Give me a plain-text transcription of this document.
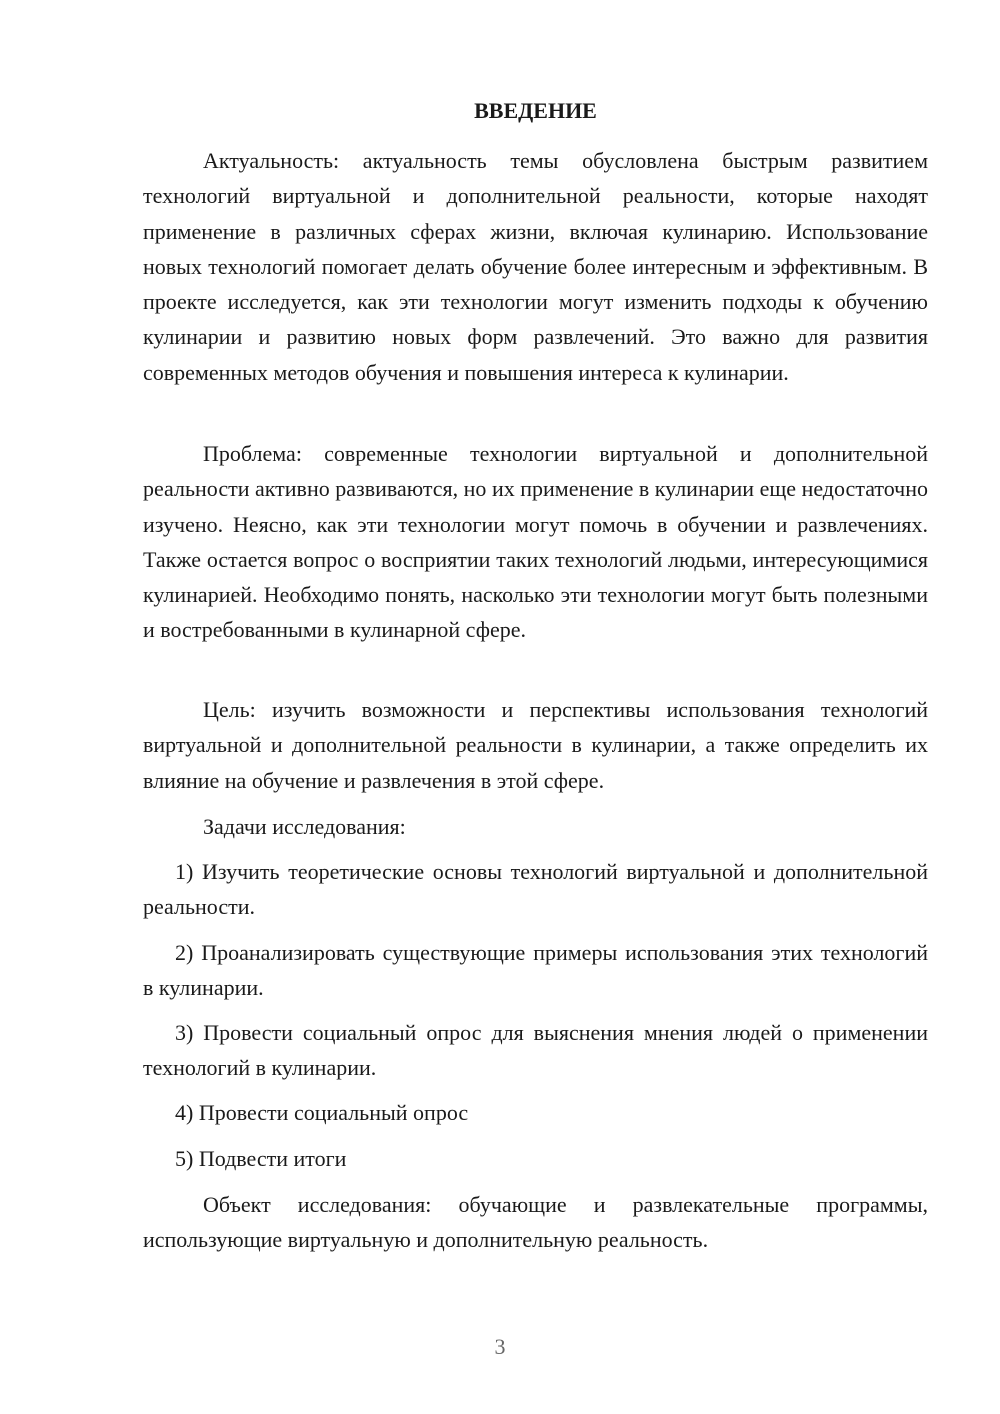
ВВЕДЕНИЕ

Актуальность: актуальность темы обусловлена быстрым развитием технологий виртуальной и дополнительной реальности, которые находят применение в различных сферах жизни, включая кулинарию. Использование новых технологий помогает делать обучение более интересным и эффективным. В проекте исследуется, как эти технологии могут изменить подходы к обучению кулинарии и развитию новых форм развлечений. Это важно для развития современных методов обучения и повышения интереса к кулинарии.

Проблема: современные технологии виртуальной и дополнительной реальности активно развиваются, но их применение в кулинарии еще недостаточно изучено. Неясно, как эти технологии могут помочь в обучении и развлечениях. Также остается вопрос о восприятии таких технологий людьми, интересующимися кулинарией. Необходимо понять, насколько эти технологии могут быть полезными и востребованными в кулинарной сфере.

Цель: изучить возможности и перспективы использования технологий виртуальной и дополнительной реальности в кулинарии, а также определить их влияние на обучение и развлечения в этой сфере.

Задачи исследования:

1) Изучить теоретические основы технологий виртуальной и дополнительной реальности.

2) Проанализировать существующие примеры использования этих технологий в кулинарии.

3) Провести социальный опрос для выяснения мнения людей о применении технологий в кулинарии.

4) Провести социальный опрос

5) Подвести итоги

Объект исследования: обучающие и развлекательные программы, использующие виртуальную и дополнительную реальность.

3
